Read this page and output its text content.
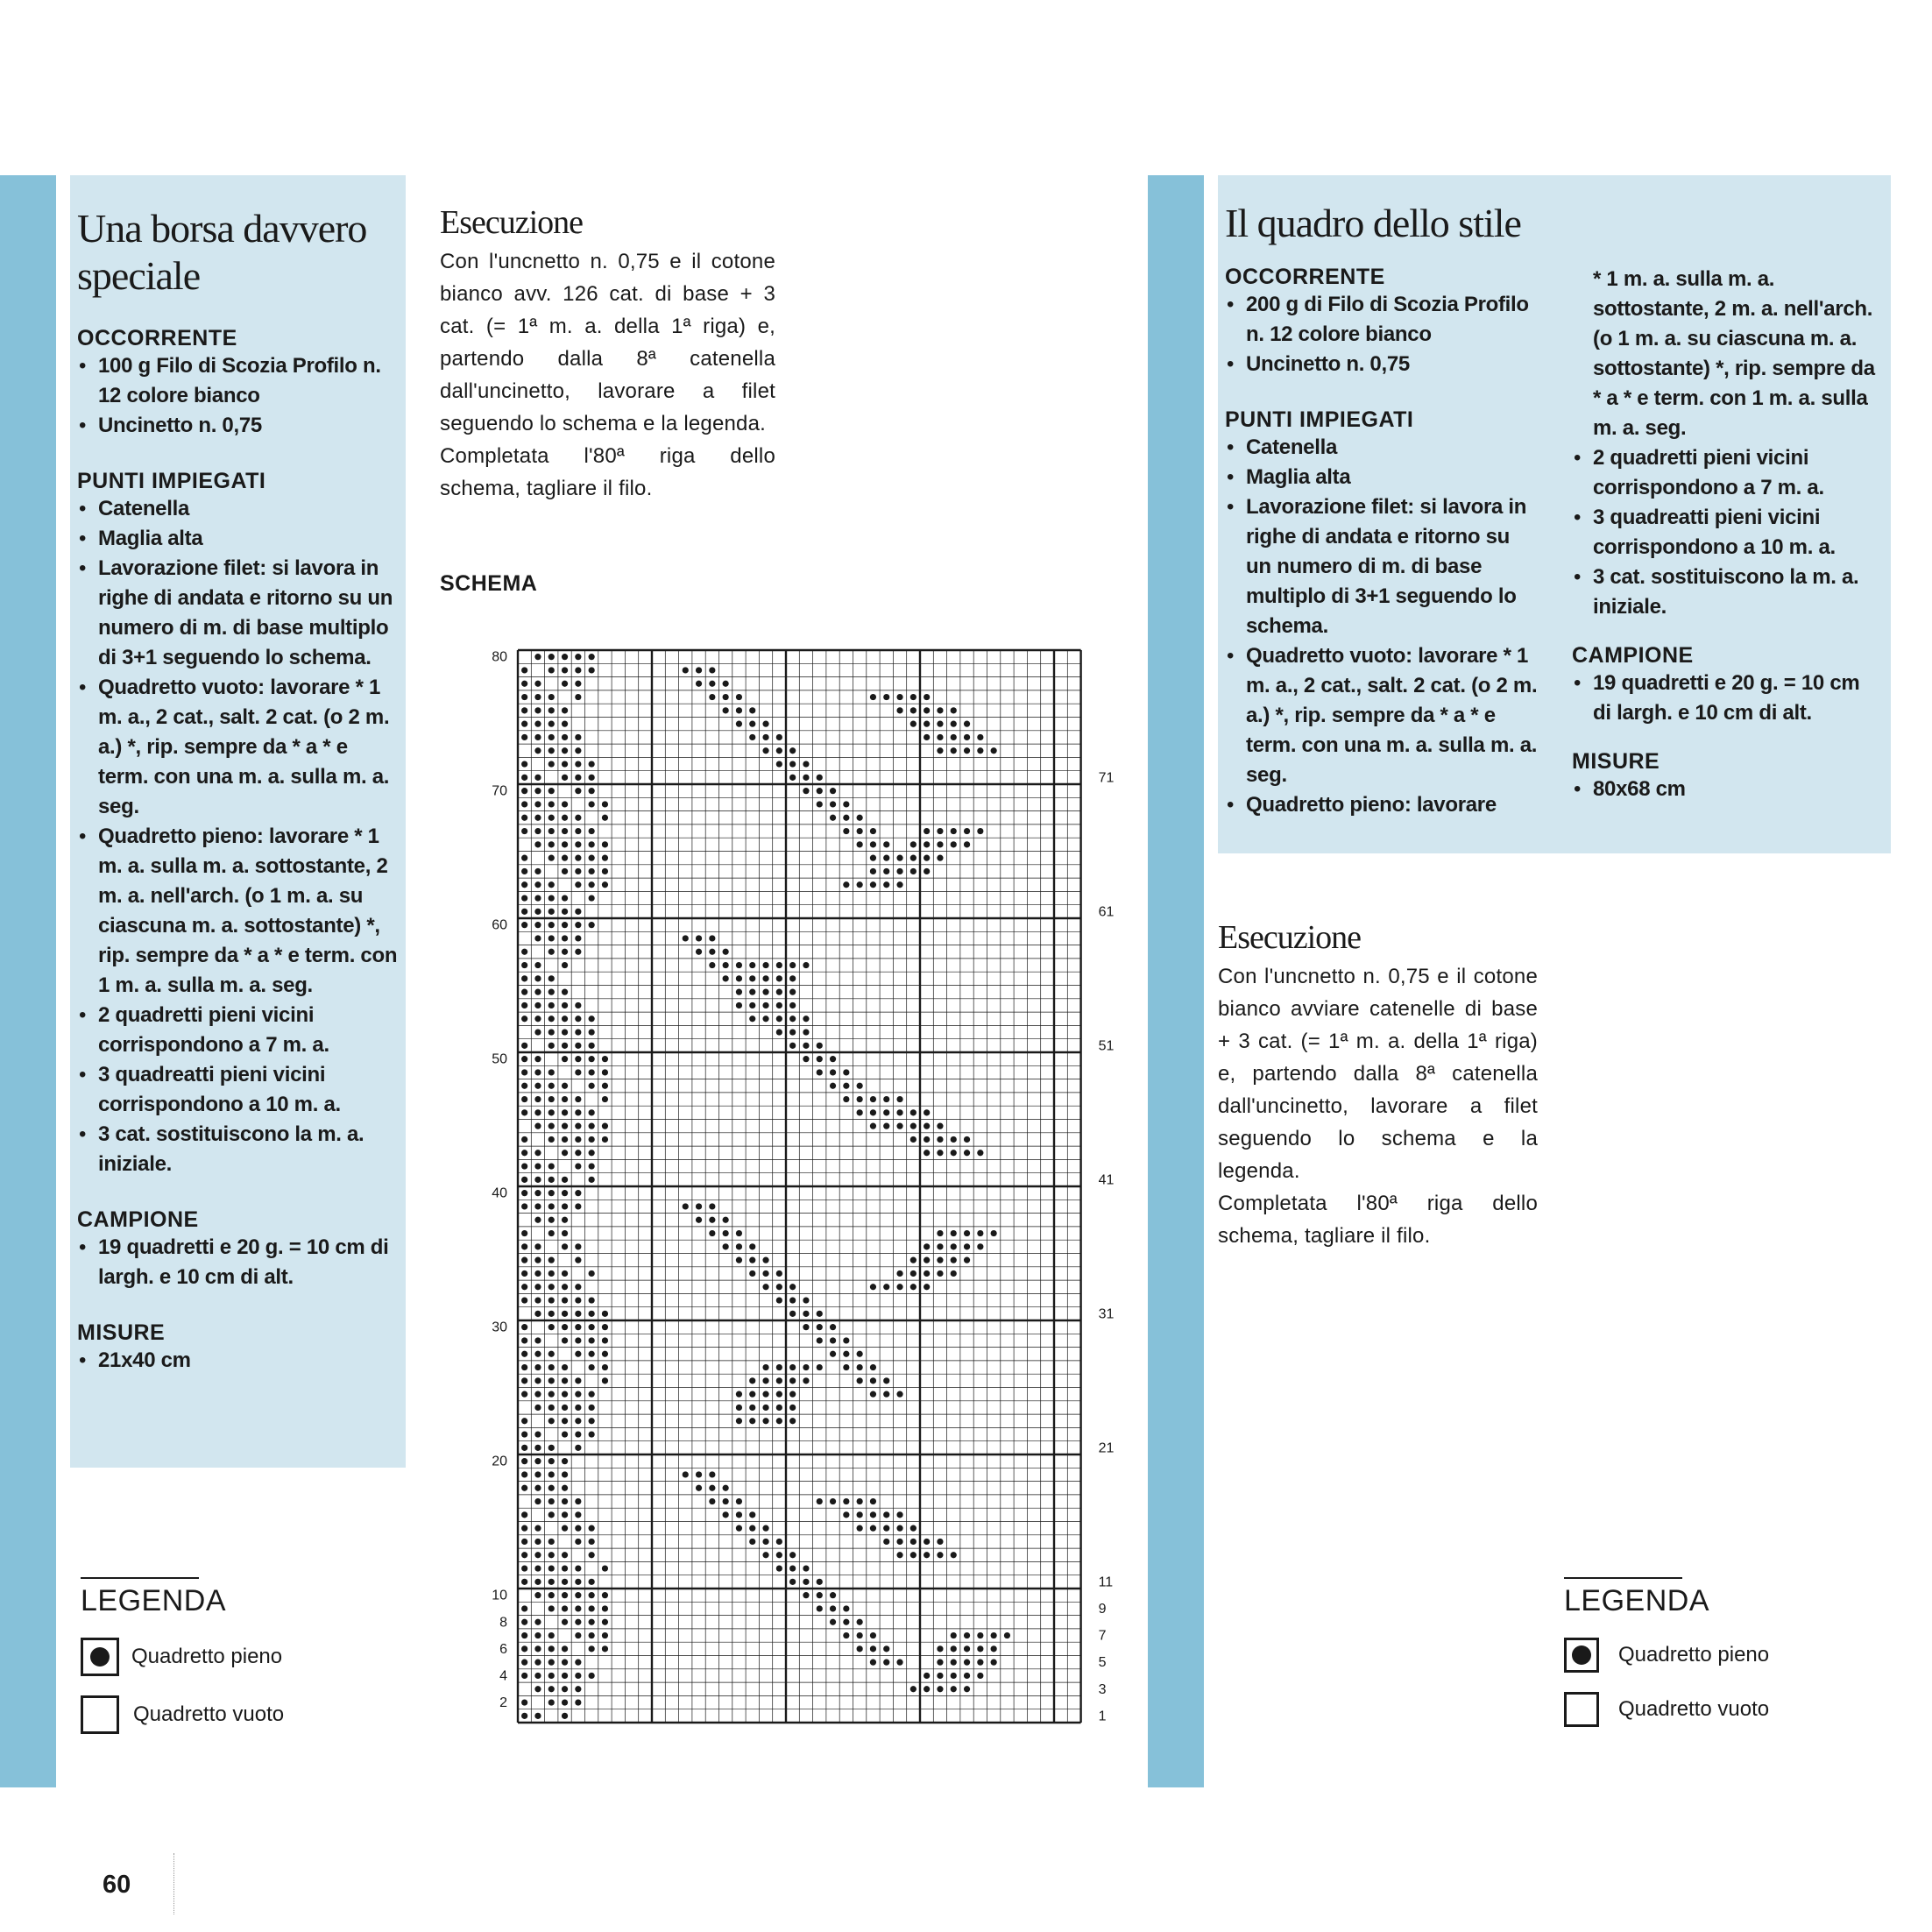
Una borsa davvero speciale

OCCORRENTE

• 100 g Filo di Scozia Profilo n. 12 colore bianco
• Uncinetto n. 0,75

PUNTI IMPIEGATI

• Catenella
• Maglia alta
• Lavorazione filet: si lavora in righe di andata e ritorno su un numero di m. di base multiplo di 3+1 seguendo lo schema.
• Quadretto vuoto: lavorare * 1 m. a., 2 cat., salt. 2 cat. (o 2 m. a.) *, rip. sempre da * a * e term. con una m. a. sulla m. a. seg.
• Quadretto pieno: lavorare * 1 m. a. sulla m. a. sottostante, 2 m. a. nell'arch. (o 1 m. a. su ciascuna m. a. sottostante) *, rip. sempre da * a * e term. con 1 m. a. sulla m. a. seg.
• 2 quadretti pieni vicini corrispondono a 7 m. a.
• 3 quadreatti pieni vicini corrispondono a 10 m. a.
• 3 cat. sostituiscono la m. a. iniziale.

CAMPIONE

• 19 quadretti e 20 g. = 10 cm di largh. e 10 cm di alt.

MISURE

• 21x40 cm
Esecuzione

Con l'uncnetto n. 0,75 e il cotone bianco avv. 126 cat. di base + 3 cat. (= 1ª m. a. della 1ª riga) e, partendo dalla 8ª catenella dall'uncinetto, lavorare a filet seguendo lo schema e la legenda.

Completata l'80ª riga dello schema, tagliare il filo.

SCHEMA
80
70
60
50
40
30
20
10
8
6
4
2
71
61
51
41
31
21
11
9
7
5
3
1
LEGENDA
Quadretto pieno
Quadretto vuoto
60
Il quadro dello stile

OCCORRENTE

• 200 g di Filo di Scozia Profilo n. 12 colore bianco
• Uncinetto n. 0,75

PUNTI IMPIEGATI

• Catenella
• Maglia alta
• Lavorazione filet: si lavora in righe di andata e ritorno su un numero di m. di base multiplo di 3+1 seguendo lo schema.
• Quadretto vuoto: lavorare * 1 m. a., 2 cat., salt. 2 cat. (o 2 m. a.) *, rip. sempre da * a * e term. con una m. a. sulla m. a. seg.
• Quadretto pieno: lavorare
* 1 m. a. sulla m. a. sottostante, 2 m. a. nell'arch. (o 1 m. a. su ciascuna m. a. sottostante) *, rip. sempre da * a * e term. con 1 m. a. sulla m. a. seg.
• 2 quadretti pieni vicini corrispondono a 7 m. a.
• 3 quadreatti pieni vicini corrispondono a 10 m. a.
• 3 cat. sostituiscono la m. a. iniziale.

CAMPIONE

• 19 quadretti e 20 g. = 10 cm di largh. e 10 cm di alt.

MISURE

• 80x68 cm
Esecuzione

Con l'uncnetto n. 0,75 e il cotone bianco avviare catenelle di base + 3 cat. (= 1ª m. a. della 1ª riga) e, partendo dalla 8ª catenella dall'uncinetto, lavorare a filet seguendo lo schema e la legenda.

Completata l'80ª riga dello schema, tagliare il filo.

LEGENDA
Quadretto pieno
Quadretto vuoto
